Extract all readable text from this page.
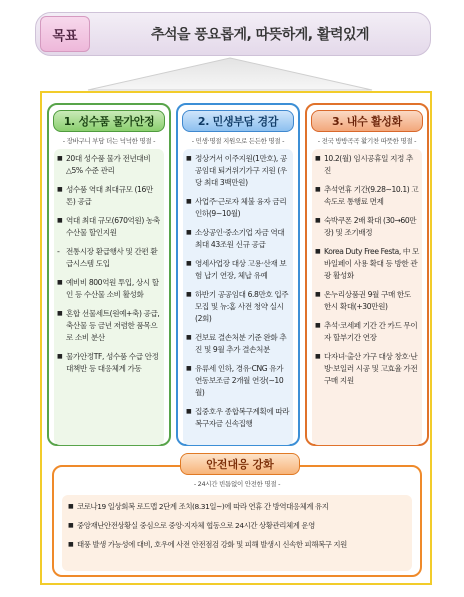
목표	추석을 풍요롭게, 따뜻하게, 활력있게
1. 성수품 물가안정
- 장바구니 부담 더는 넉넉한 명절 -
■ 20대 성수품 물가 전년대비 △5% 수준 관리
■ 성수품 역대 최대규모 (16만톤) 공급
■ 역대 최대 규모(670억원) 농축수산물 할인지원
- 전통시장 환급행사 및 간편 환급시스템 도입
■ 예비비 800억원 투입, 상시 할인 등 수산물 소비 활성화
■ 혼합 선물세트(원예+축) 공급, 축산물 등 금년 저렴한 품목으로 소비 분산
■ 물가안정TF, 성수품 수급 안정 대책반 등 대응체계 가동
2. 민생부담 경감
- 민생·명절 지원으로 든든한 명절 -
■ 정상거서 이주지원(1만호), 공공임대 퇴거위기가구 지원 (우당 최대 3백만원)
■ 사업주·근로자 체불 융자 금리 인하(9~10월)
■ 소상공인·중소기업 자금 역대 최대 43조원 신규 공급
■ 영세사업장 대상 고용·산재 보험 납기 연장, 체납 유예
■ 하반기 공공임대 6.8만호 입주 모집 및 뉴:홈 사전 청약 실시(2회)
■ 건보료 결손처분 기준 완화 추진 및 9월 추가 결손처분
■ 유류세 인하, 경유·CNG 유가연동보조금 2개월 연장(~10월)
■ 집중호우 종합복구계획에 따라 복구자금 신속집행
3. 내수 활성화
- 전국 방방곡곡 활기찬 따뜻한 명절 -
■ 10.2(월) 임시공휴일 지정 추진
■ 추석연휴 기간(9.28~10.1) 고속도로 통행료 면제
■ 숙박쿠폰 2배 확대 (30→60만장) 및 조기배정
■ Korea Duty Free Festa, 中 모바일페이 사용 확대 등 방한 관광 활성화
■ 온누리상품권 9월 구매 한도 한시 확대(+30만원)
■ 추석·코세페 기간 간 카드 무이자 할부기간 연장
■ 다자녀·출산 가구 대상 창호·난방·보일러 시공 및 고효율 가전 구매 지원
안전대응 강화
- 24시간 빈틈없이 안전한 명절 -
■ 코로나19 일상회복 로드맵 2단계 조치(8.31일~)에 따라 연휴 간 방역대응체계 유지
■ 중앙재난안전상황실 중심으로 중앙·지자체 협동으로 24시간 상황관리체계 운영
■ 태풍 발생 가능성에 대비, 호우에 사전 안전점검 강화 및 피해 발생시 신속한 피해복구 지원
